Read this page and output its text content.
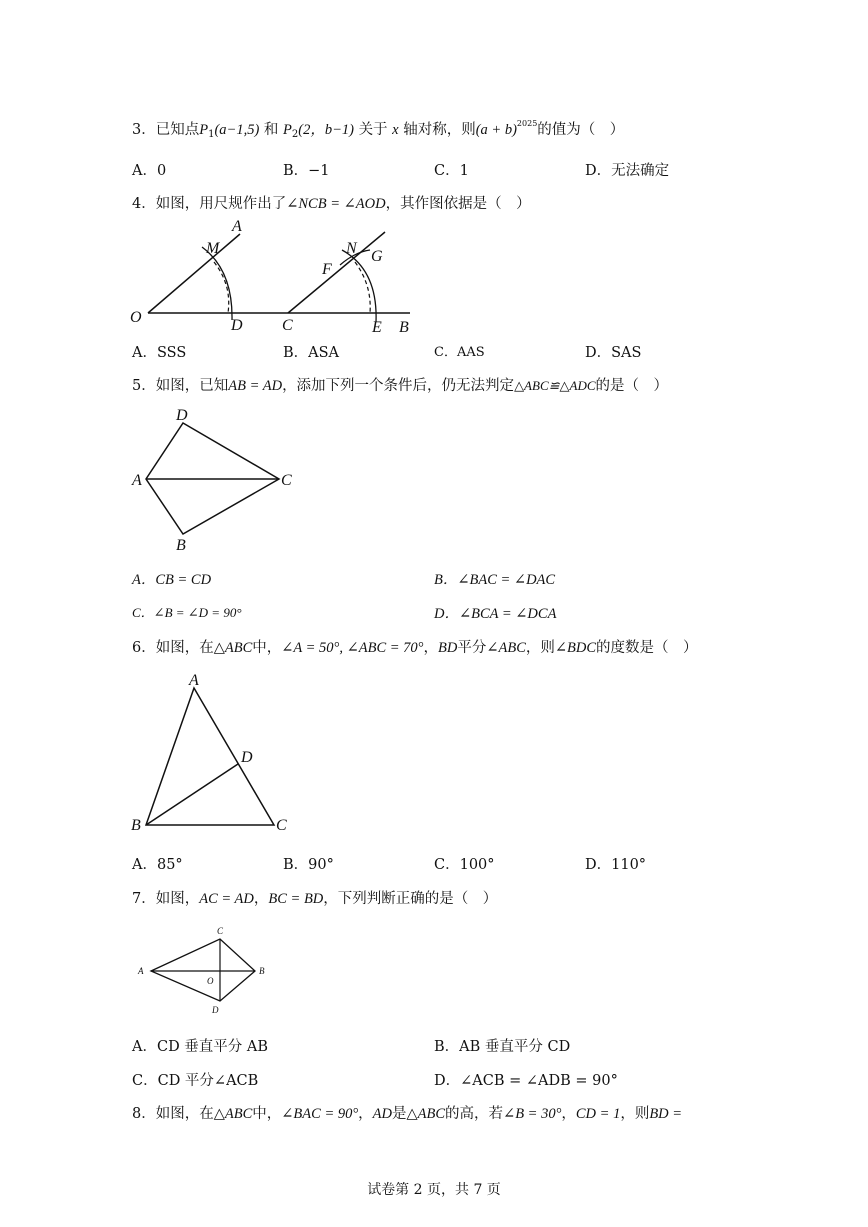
3．已知点$P_1(a-1,5)$ 和 $P_2(2$，b−1) 关于 x 轴对称，则$(a + b)^{2025}$的值为（　）
A．0	B．−1	C．1	D．无法确定
4．如图，用尺规作出了∠NCB = ∠AOD，其作图依据是（　）
A
M
O	D C
N G
F
E B
A．SSS	B．ASA	C．AAS	D．SAS
5．如图，已知AB = AD，添加下列一个条件后，仍无法判定△ABC≌△ADC的是（　）
D
A	C
B
A．CB = CD	B．∠BAC = ∠DAC
C．∠B = ∠D = 90°	D．∠BCA = ∠DCA
6．如图，在△ABC中，∠A = 50°, ∠ABC = 70°，BD平分∠ABC，则∠BDC的度数是（　）
A
D
B	C
A．85°	B．90°	C．100°	D．110°
7．如图，AC = AD，BC = BD，下列判断正确的是（　）
C
A
O
B
D
A．CD 垂直平分 AB	B．AB 垂直平分 CD
C．CD 平分∠ACB	D．∠ACB = ∠ADB = 90°
8．如图，在△ABC中，∠BAC = 90°，AD是△ABC的高，若∠B = 30°，CD = 1，则BD =
试卷第 2 页，共 7 页
